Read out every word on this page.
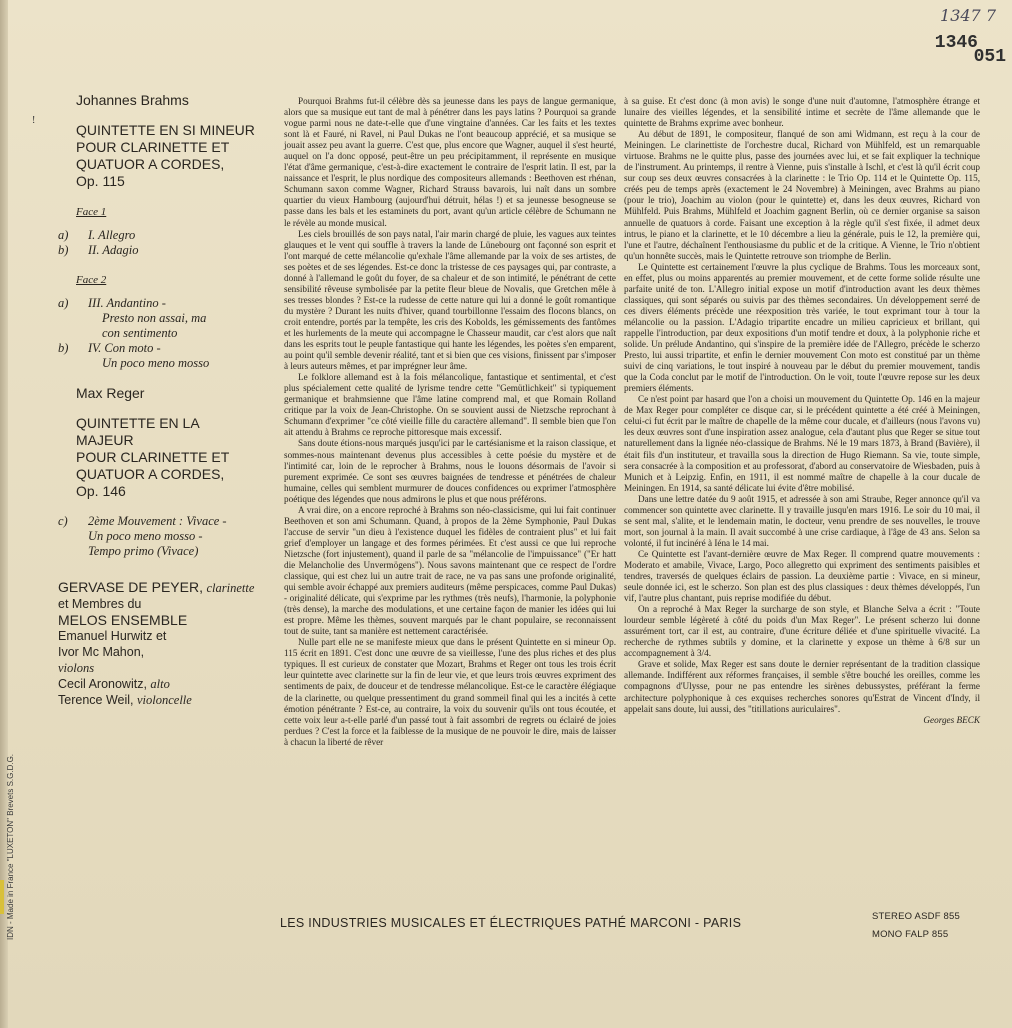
1347 7
1346
051
!
IDN - Made in France "LUXETON" Brevets S.G.D.G.
Johannes Brahms
QUINTETTE EN SI MINEUR
POUR CLARINETTE ET
QUATUOR A CORDES,
Op. 115
Face 1
a) I. Allegro
b) II. Adagio
Face 2
a) III. Andantino -
Presto non assai, ma
con sentimento
b) IV. Con moto -
Un poco meno mosso
Max Reger
QUINTETTE EN LA MAJEUR
POUR CLARINETTE ET
QUATUOR A CORDES,
Op. 146
c) 2ème Mouvement : Vivace -
Un poco meno mosso -
Tempo primo (Vivace)
GERVASE DE PEYER, clarinette
et Membres du
MELOS ENSEMBLE
Emanuel Hurwitz et
Ivor Mc Mahon,
violons
Cecil Aronowitz, alto
Terence Weil, violoncelle

Pourquoi Brahms fut-il célèbre dès sa jeunesse dans les pays de langue germanique, alors que sa musique eut tant de mal à pénétrer dans les pays latins ? Pourquoi sa grande vogue parmi nous ne date-t-elle que d'une vingtaine d'années. Car les faits et les textes sont là et Fauré, ni Ravel, ni Paul Dukas ne l'ont beaucoup apprécié, et sa musique se jouait assez peu avant la guerre. C'est que, plus encore que Wagner, auquel il s'est heurté, auquel on l'a donc opposé, peut-être un peu précipitamment, il représente en musique l'état d'âme germanique, c'est-à-dire exactement le contraire de l'esprit latin. Il est, par la naissance et l'esprit, le plus nordique des compositeurs allemands : Beethoven est rhénan, Schumann saxon comme Wagner, Richard Strauss bavarois, lui naît dans un sombre quartier du vieux Hambourg (aujourd'hui détruit, hélas !) et sa jeunesse besogneuse se passe dans les bals et les estaminets du port, avant qu'un article célèbre de Schumann ne le révèle au monde musical.

Les ciels brouillés de son pays natal, l'air marin chargé de pluie, les vagues aux teintes glauques et le vent qui souffle à travers la lande de Lünebourg ont façonné son esprit et l'ont marqué de cette mélancolie qu'exhale l'âme allemande par la voix de ses artistes, de ses poètes et de ses légendes. Est-ce donc la tristesse de ces paysages qui, par contraste, a donné à l'allemand le goût du foyer, de sa chaleur et de son intimité, le pénétrant de cette sensibilité rêveuse symbolisée par la petite fleur bleue de Novalis, que Gretchen mêle à ses tresses blondes ? Est-ce la rudesse de cette nature qui lui a donné le goût romantique du mystère ? Durant les nuits d'hiver, quand tourbillonne l'essaim des flocons blancs, on croit entendre, portés par la tempête, les cris des Kobolds, les gémissements des fantômes et les hurlements de la meute qui accompagne le Chasseur maudit, car c'est alors que naît dans les esprits tout le peuple fantastique qui hante les légendes, les poètes s'en emparent, au point qu'il semble devenir réalité, tant et si bien que ces visions, finissent par s'imposer à leurs auteurs mêmes, et par imprégner leur âme.

Le folklore allemand est à la fois mélancolique, fantastique et sentimental, et c'est plus spécialement cette qualité de lyrisme tendre cette "Gemütlichkeit" si typiquement germanique et brahmsienne que l'âme latine comprend mal, et que Romain Rolland critique par la voix de Jean-Christophe. On se souvient aussi de Nietzsche reprochant à Schumann d'exprimer "ce côté vieille fille du caractère allemand". Il semble bien que l'on ait attendu à Brahms ce reproche pittoresque mais excessif.

Sans doute étions-nous marqués jusqu'ici par le cartésianisme et la raison classique, et sommes-nous maintenant devenus plus accessibles à cette poésie du mystère et de l'intimité car, loin de le reprocher à Brahms, nous le louons désormais de l'avoir si purement exprimée. Ce sont ses œuvres baignées de tendresse et pénétrées de chaleur humaine, celles qui semblent murmurer de douces confidences ou exprimer l'atmosphère poétique des légendes que nous admirons le plus et que nous préférons.

A vrai dire, on a encore reproché à Brahms son néo-classicisme, qui lui fait continuer Beethoven et son ami Schumann. Quand, à propos de la 2ème Symphonie, Paul Dukas l'accuse de servir "un dieu à l'existence duquel les fidèles de contraient plus" et lui fait grief d'employer un langage et des formes périmées. Et c'est aussi ce que lui reproche Nietzsche (fort injustement), quand il parle de sa "mélancolie de l'impuissance" ("Er hatt die Melancholie des Unvermögens"). Nous savons maintenant que ce respect de l'ordre classique, qui est chez lui un autre trait de race, ne va pas sans une profonde originalité, qui semble avoir échappé aux premiers auditeurs (même perspicaces, comme Paul Dukas) - originalité délicate, qui s'exprime par les rythmes (très neufs), l'harmonie, la polyphonie (très dense), la marche des modulations, et une certaine façon de manier les idées qui lui est propre. Même les thèmes, souvent marqués par le chant populaire, se reconnaissent tout de suite, tant sa manière est nettement caractérisée.

Nulle part elle ne se manifeste mieux que dans le présent Quintette en si mineur Op. 115 écrit en 1891. C'est donc une œuvre de sa vieillesse, l'une des plus riches et des plus typiques. Il est curieux de constater que Mozart, Brahms et Reger ont tous les trois écrit leur quintette avec clarinette sur la fin de leur vie, et que leurs trois œuvres expriment des sentiments de paix, de douceur et de tendresse mélancolique. Est-ce le caractère élégiaque de la clarinette, ou quelque pressentiment du grand sommeil final qui les a incités à cette émotion pénétrante ? Est-ce, au contraire, la voix du souvenir qu'ils ont tous écoutée, et cette voix leur a-t-elle parlé d'un passé tout à fait assombri de regrets ou éclairé de joies perdues ? C'est la force et la faiblesse de la musique de ne pouvoir le dire, mais de laisser à chacun la liberté de rêver

à sa guise. Et c'est donc (à mon avis) le songe d'une nuit d'automne, l'atmosphère étrange et lunaire des vieilles légendes, et la sensibilité intime et secrète de l'âme allemande que le quintette de Brahms exprime avec bonheur.

Au début de 1891, le compositeur, flanqué de son ami Widmann, est reçu à la cour de Meiningen. Le clarinettiste de l'orchestre ducal, Richard von Mühlfeld, est un remarquable virtuose. Brahms ne le quitte plus, passe des journées avec lui, et se fait expliquer la technique de l'instrument. Au printemps, il rentre à Vienne, puis s'installe à Ischl, et c'est là qu'il écrit coup sur coup ses deux œuvres consacrées à la clarinette : le Trio Op. 114 et le Quintette Op. 115, créés peu de temps après (exactement le 24 Novembre) à Meiningen, avec Brahms au piano (pour le trio), Joachim au violon (pour le quintette) et, dans les deux œuvres, Richard von Mühlfeld. Puis Brahms, Mühlfeld et Joachim gagnent Berlin, où ce dernier organise sa saison annuelle de quatuors à corde. Faisant une exception à la règle qu'il s'est fixée, il admet deux intrus, le piano et la clarinette, et le 10 décembre a lieu la générale, puis le 12, la première qui, l'une et l'autre, déchaînent l'enthousiasme du public et de la critique. A Vienne, le Trio n'obtient qu'un honnête succès, mais le Quintette retrouve son triomphe de Berlin.

Le Quintette est certainement l'œuvre la plus cyclique de Brahms. Tous les morceaux sont, en effet, plus ou moins apparentés au premier mouvement, et de cette forme solide résulte une parfaite unité de ton. L'Allegro initial expose un motif d'introduction avant les deux thèmes classiques, qui sont séparés ou suivis par des thèmes secondaires. Un développement serré de ces divers éléments précède une réexposition très variée, le tout exprimant tour à tour la mélancolie ou la passion. L'Adagio tripartite encadre un milieu capricieux et brillant, qui rappelle l'introduction, par deux expositions d'un motif tendre et doux, à la polyphonie riche et solide. Un prélude Andantino, qui s'inspire de la première idée de l'Allegro, précède le scherzo Presto, lui aussi tripartite, et enfin le dernier mouvement Con moto est constitué par un thème suivi de cinq variations, le tout inspiré à nouveau par le début du premier mouvement, tandis que la Coda conclut par le motif de l'introduction. On le voit, toute l'œuvre repose sur les deux premiers éléments.

Ce n'est point par hasard que l'on a choisi un mouvement du Quintette Op. 146 en la majeur de Max Reger pour compléter ce disque car, si le précédent quintette a été créé à Meiningen, celui-ci fut écrit par le maître de chapelle de la même cour ducale, et d'ailleurs (nous l'avons vu) les deux œuvres sont d'une inspiration assez analogue, cela d'autant plus que Reger se situe tout naturellement dans la lignée néo-classique de Brahms. Né le 19 mars 1873, à Brand (Bavière), il était fils d'un instituteur, et travailla sous la direction de Hugo Riemann. Sa vie, toute simple, sera consacrée à la composition et au professorat, d'abord au conservatoire de Wiesbaden, puis à Munich et à Leipzig. Enfin, en 1911, il est nommé maître de chapelle à la cour ducale de Meiningen. En 1914, sa santé délicate lui évite d'être mobilisé.

Dans une lettre datée du 9 août 1915, et adressée à son ami Straube, Reger annonce qu'il va commencer son quintette avec clarinette. Il y travaille jusqu'en mars 1916. Le soir du 10 mai, il se sent mal, s'alite, et le lendemain matin, le docteur, venu prendre de ses nouvelles, le trouve mort, son journal à la main. Il avait succombé à une crise cardiaque, à l'âge de 43 ans. Selon sa volonté, il fut incinéré à Iéna le 14 mai.

Ce Quintette est l'avant-dernière œuvre de Max Reger. Il comprend quatre mouvements : Moderato et amabile, Vivace, Largo, Poco allegretto qui expriment des sentiments paisibles et tendres, traversés de quelques éclairs de passion. La deuxième partie : Vivace, en si mineur, seule donnée ici, est le scherzo. Son plan est des plus classiques : deux thèmes développés, l'un vif, l'autre plus chantant, puis reprise modifiée du début.

On a reproché à Max Reger la surcharge de son style, et Blanche Selva a écrit : "Toute lourdeur semble légèreté à côté du poids d'un Max Reger". Le présent scherzo lui donne assurément tort, car il est, au contraire, d'une écriture déliée et d'une spirituelle vivacité. La recherche de rythmes subtils y domine, et la clarinette y expose un thème à 6/8 sur un accompagnement à 3/4.

Grave et solide, Max Reger est sans doute le dernier représentant de la tradition classique allemande. Indifférent aux réformes françaises, il semble s'être bouché les oreilles, comme les compagnons d'Ulysse, pour ne pas entendre les sirènes debussystes, préférant la ferme architecture polyphonique à ces exquises recherches sonores qu'Estrat de Vincent d'Indy, il appelait sans doute, lui aussi, des "titillations auriculaires".

Georges BECK

LES INDUSTRIES MUSICALES ET ÉLECTRIQUES PATHÉ MARCONI - PARIS	STEREO ASDF 855
MONO FALP 855
